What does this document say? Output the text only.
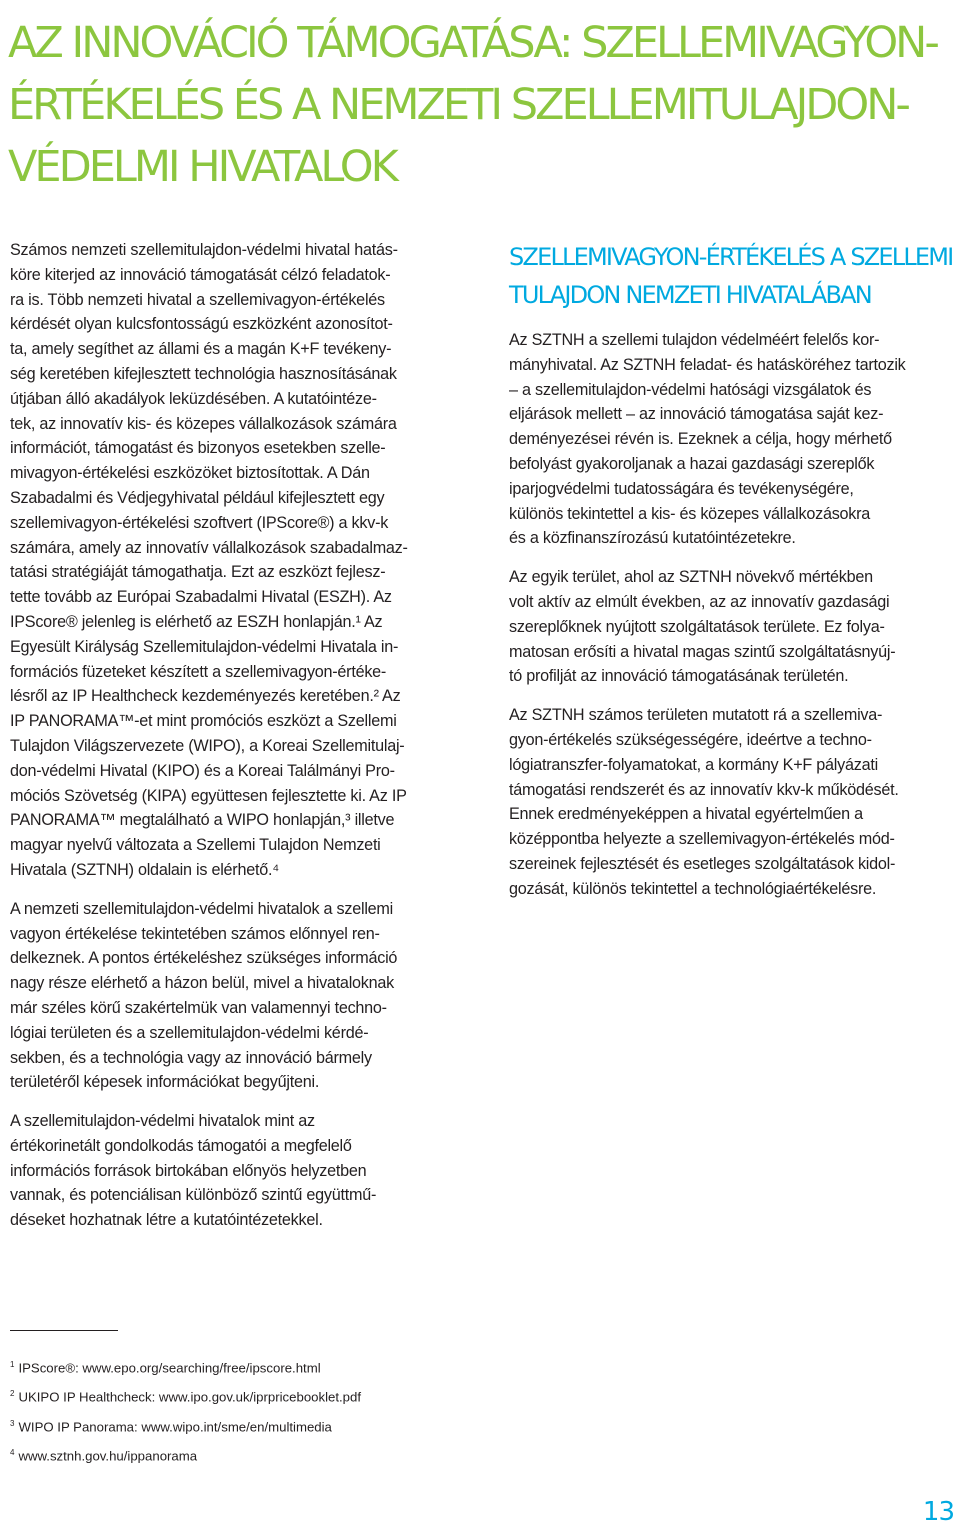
AZ INNOVÁCIÓ TÁMOGATÁSA: SZELLEMIVAGYON-
ÉRTÉKELÉS ÉS A NEMZETI SZELLEMITULAJDON-
VÉDELMI HIVATALOK

Számos nemzeti szellemitulajdon-védelmi hivatal hatás-
köre kiterjed az innováció támogatását célzó feladatok-
ra is. Több nemzeti hivatal a szellemivagyon-értékelés
kérdését olyan kulcsfontosságú eszközként azonosítot-
ta, amely segíthet az állami és a magán K+F tevékeny-
ség keretében kifejlesztett technológia hasznosításának
útjában álló akadályok leküzdésében. A kutatóintéze-
tek, az innovatív kis- és közepes vállalkozások számára
információt, támogatást és bizonyos esetekben szelle-
mivagyon-értékelési eszközöket biztosítottak. A Dán
Szabadalmi és Védjegyhivatal például kifejlesztett egy
szellemivagyon-értékelési szoftvert (IPScore®) a kkv-k
számára, amely az innovatív vállalkozások szabadalmaz-
tatási stratégiáját támogathatja. Ezt az eszközt fejlesz-
tette tovább az Európai Szabadalmi Hivatal (ESZH). Az
IPScore® jelenleg is elérhető az ESZH honlapján.¹ Az
Egyesült Királyság Szellemitulajdon-védelmi Hivatala in-
formációs füzeteket készített a szellemivagyon-értéke-
lésről az IP Healthcheck kezdeményezés keretében.² Az
IP PANORAMA™-et mint promóciós eszközt a Szellemi
Tulajdon Világszervezete (WIPO), a Koreai Szellemitulaj-
don-védelmi Hivatal (KIPO) és a Koreai Találmányi Pro-
móciós Szövetség (KIPA) együttesen fejlesztette ki. Az IP
PANORAMA™ megtalálható a WIPO honlapján,³ illetve
magyar nyelvű változata a Szellemi Tulajdon Nemzeti
Hivatala (SZTNH) oldalain is elérhető.⁴

A nemzeti szellemitulajdon-védelmi hivatalok a szellemi
vagyon értékelése tekintetében számos előnnyel ren-
delkeznek. A pontos értékeléshez szükséges információ
nagy része elérhető a házon belül, mivel a hivataloknak
már széles körű szakértelmük van valamennyi techno-
lógiai területen és a szellemitulajdon-védelmi kérdé-
sekben, és a technológia vagy az innováció bármely
területéről képesek információkat begyűjteni.

A szellemitulajdon-védelmi hivatalok mint az
értékorinetált gondolkodás támogatói a megfelelő
információs források birtokában előnyös helyzetben
vannak, és potenciálisan különböző szintű együttmű-
déseket hozhatnak létre a kutatóintézetekkel.

SZELLEMIVAGYON-ÉRTÉKELÉS A SZELLEMI
TULAJDON NEMZETI HIVATALÁBAN

Az SZTNH a szellemi tulajdon védelméért felelős kor-
mányhivatal. Az SZTNH feladat- és hatásköréhez tartozik
– a szellemitulajdon-védelmi hatósági vizsgálatok és
eljárások mellett – az innováció támogatása saját kez-
deményezései révén is. Ezeknek a célja, hogy mérhető
befolyást gyakoroljanak a hazai gazdasági szereplők
iparjogvédelmi tudatosságára és tevékenységére,
különös tekintettel a kis- és közepes vállalkozásokra
és a közfinanszírozású kutatóintézetekre.

Az egyik terület, ahol az SZTNH növekvő mértékben
volt aktív az elmúlt években, az az innovatív gazdasági
szereplőknek nyújtott szolgáltatások területe. Ez folya-
matosan erősíti a hivatal magas szintű szolgáltatásnyúj-
tó profilját az innováció támogatásának területén.

Az SZTNH számos területen mutatott rá a szellemiva-
gyon-értékelés szükségességére, ideértve a techno-
lógiatranszfer-folyamatokat, a kormány K+F pályázati
támogatási rendszerét és az innovatív kkv-k működését.
Ennek eredményeképpen a hivatal egyértelműen a
középpontba helyezte a szellemivagyon-értékelés mód-
szereinek fejlesztését és esetleges szolgáltatások kidol-
gozását, különös tekintettel a technológiaértékelésre.

$^1$ IPScore®: www.epo.org/searching/free/ipscore.html
$^2$ UKIPO IP Healthcheck: www.ipo.gov.uk/iprpricebooklet.pdf
$^3$ WIPO IP Panorama: www.wipo.int/sme/en/multimedia
$^4$ www.sztnh.gov.hu/ippanorama
13
